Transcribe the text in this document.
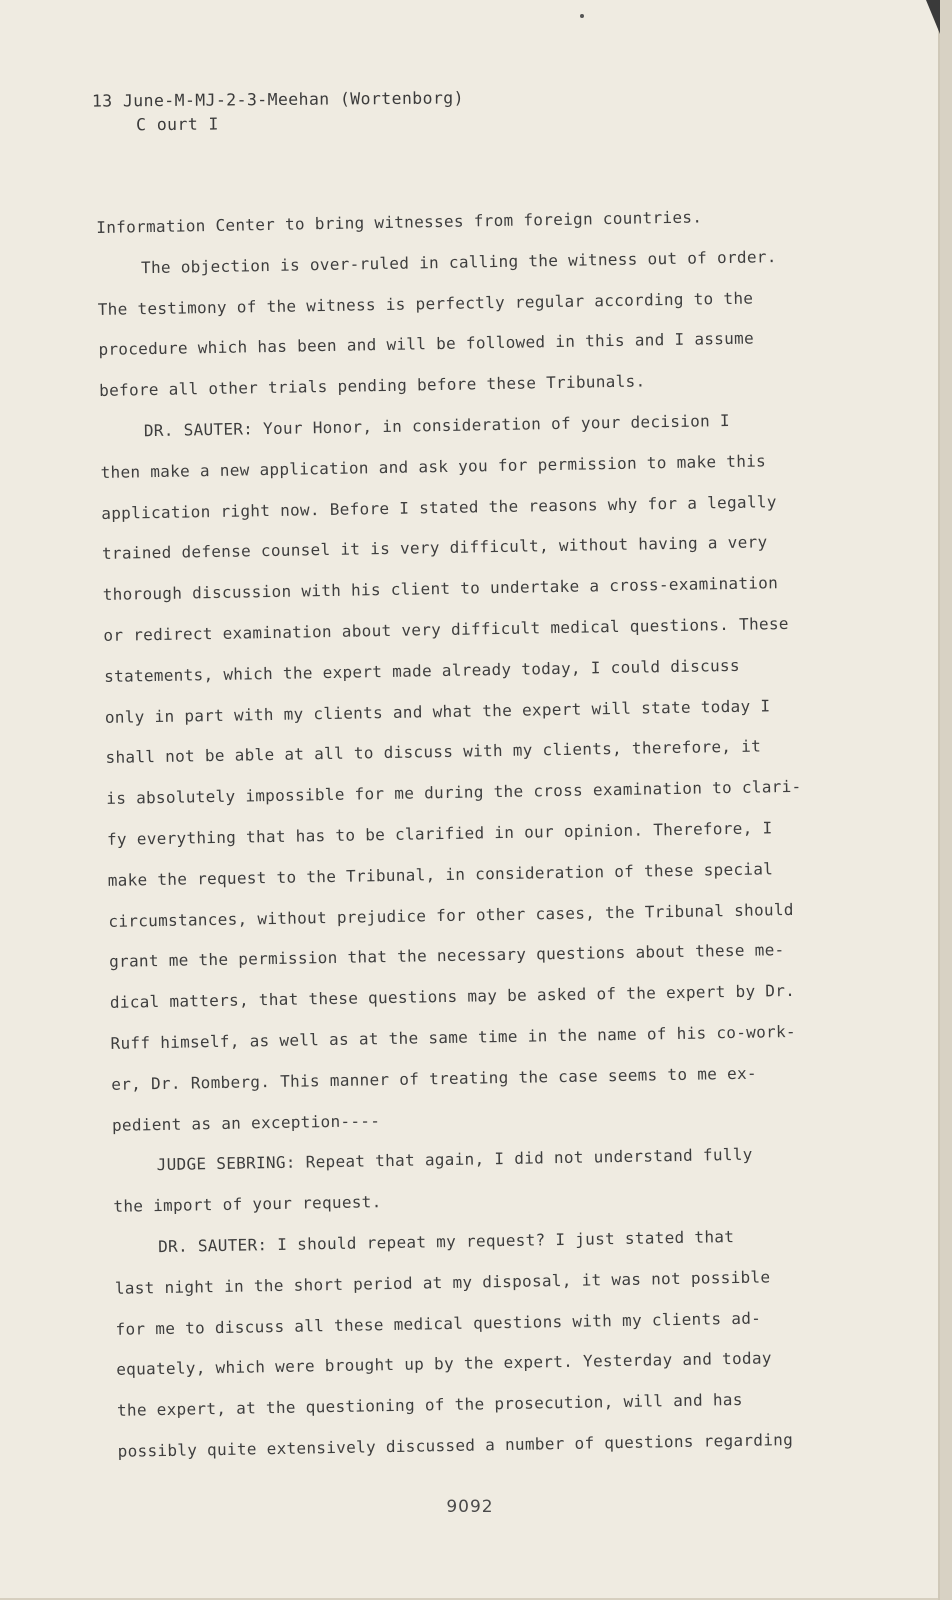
13 June-M-MJ-2-3-Meehan (Wortenborg)
C ourt I
Information Center to bring witnesses from foreign countries.
The objection is over-ruled in calling the witness out of order.
The testimony of the witness is perfectly regular according to the
procedure which has been and will be followed in this and I assume
before all other trials pending before these Tribunals.
DR. SAUTER: Your Honor, in consideration of your decision I
then make a new application and ask you for permission to make this
application right now. Before I stated the reasons why for a legally
trained defense counsel it is very difficult, without having a very
thorough discussion with his client to undertake a cross-examination
or redirect examination about very difficult medical questions. These
statements, which the expert made already today, I could discuss
only in part with my clients and what the expert will state today I
shall not be able at all to discuss with my clients, therefore, it
is absolutely impossible for me during the cross examination to clari-
fy everything that has to be clarified in our opinion. Therefore, I
make the request to the Tribunal, in consideration of these special
circumstances, without prejudice for other cases, the Tribunal should
grant me the permission that the necessary questions about these me-
dical matters, that these questions may be asked of the expert by Dr.
Ruff himself, as well as at the same time in the name of his co-work-
er, Dr. Romberg. This manner of treating the case seems to me ex-
pedient as an exception----
JUDGE SEBRING: Repeat that again, I did not understand fully
the import of your request.
DR. SAUTER: I should repeat my request? I just stated that
last night in the short period at my disposal, it was not possible
for me to discuss all these medical questions with my clients ad-
equately, which were brought up by the expert. Yesterday and today
the expert, at the questioning of the prosecution, will and has
possibly quite extensively discussed a number of questions regarding
9092
